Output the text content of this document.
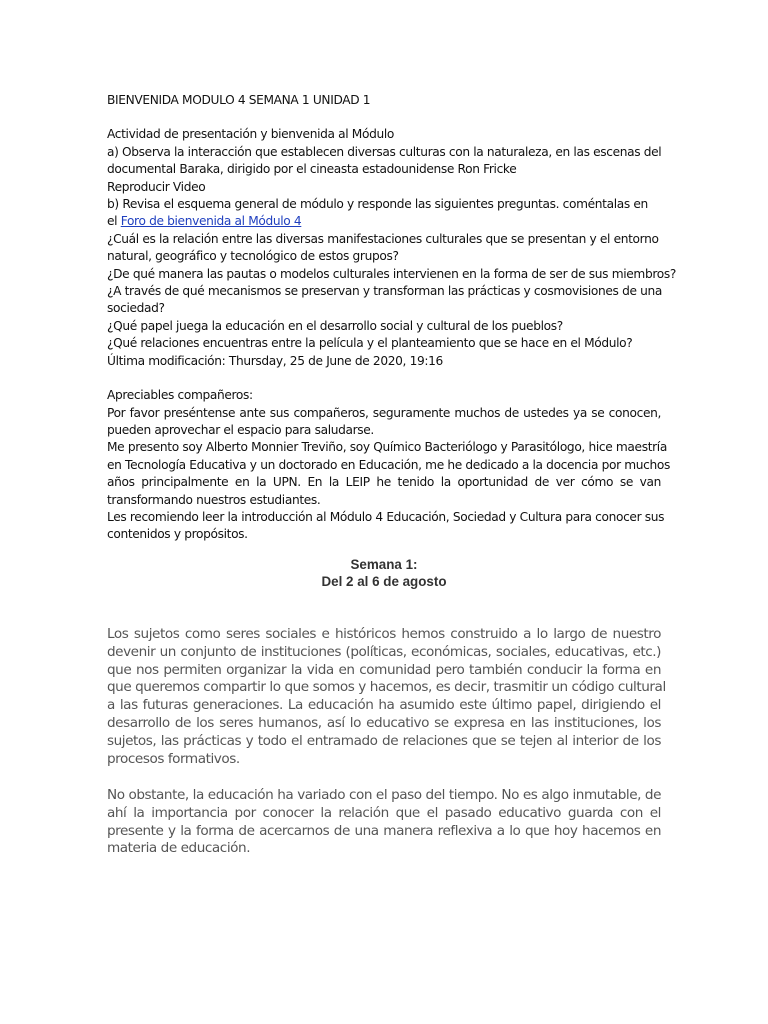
BIENVENIDA MODULO 4 SEMANA 1 UNIDAD 1
Actividad de presentación y bienvenida al Módulo
a) Observa la interacción que establecen diversas culturas con la naturaleza, en las escenas del
documental Baraka, dirigido por el cineasta estadounidense Ron Fricke
Reproducir Video
b) Revisa el esquema general de módulo y responde las siguientes preguntas. coméntalas en
el Foro de bienvenida al Módulo 4
¿Cuál es la relación entre las diversas manifestaciones culturales que se presentan y el entorno
natural, geográfico y tecnológico de estos grupos?
¿De qué manera las pautas o modelos culturales intervienen en la forma de ser de sus miembros?
¿A través de qué mecanismos se preservan y transforman las prácticas y cosmovisiones de una
sociedad?
¿Qué papel juega la educación en el desarrollo social y cultural de los pueblos?
¿Qué relaciones encuentras entre la película y el planteamiento que se hace en el Módulo?
Última modificación: Thursday, 25 de June de 2020, 19:16
Apreciables compañeros:
Por favor preséntense ante sus compañeros, seguramente muchos de ustedes ya se conocen,
pueden aprovechar el espacio para saludarse.
Me presento soy Alberto Monnier Treviño, soy Químico Bacteriólogo y Parasitólogo, hice maestría
en Tecnología Educativa y un doctorado en Educación, me he dedicado a la docencia por muchos
años principalmente en la UPN. En la LEIP he tenido la oportunidad de ver cómo se van
transformando nuestros estudiantes.
Les recomiendo leer la introducción al Módulo 4 Educación, Sociedad y Cultura para conocer sus
contenidos y propósitos.
Semana 1:
Del 2 al 6 de agosto
Los sujetos como seres sociales e históricos hemos construido a lo largo de nuestro
devenir un conjunto de instituciones (políticas, económicas, sociales, educativas, etc.)
que nos permiten organizar la vida en comunidad pero también conducir la forma en
que queremos compartir lo que somos y hacemos, es decir, trasmitir un código cultural
a las futuras generaciones. La educación ha asumido este último papel, dirigiendo el
desarrollo de los seres humanos, así lo educativo se expresa en las instituciones, los
sujetos, las prácticas y todo el entramado de relaciones que se tejen al interior de los
procesos formativos.
No obstante, la educación ha variado con el paso del tiempo. No es algo inmutable, de
ahí la importancia por conocer la relación que el pasado educativo guarda con el
presente y la forma de acercarnos de una manera reflexiva a lo que hoy hacemos en
materia de educación.
